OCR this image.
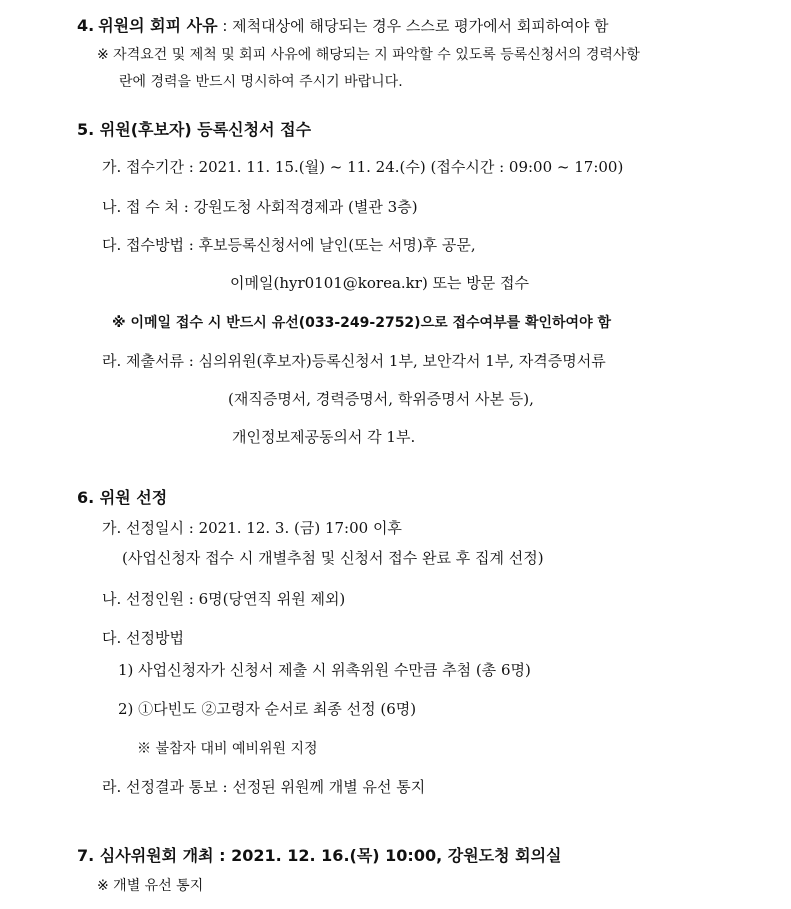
4. 위원의 회피 사유 : 제척대상에 해당되는 경우 스스로 평가에서 회피하여야 함
※ 자격요건 및 제척 및 회피 사유에 해당되는 지 파악할 수 있도록 등록신청서의 경력사항
란에 경력을 반드시 명시하여 주시기 바랍니다.
5. 위원(후보자) 등록신청서 접수
가. 접수기간 : 2021. 11. 15.(월) ~ 11. 24.(수) (접수시간 : 09:00 ~ 17:00)
나. 접 수 처 : 강원도청 사회적경제과 (별관 3층)
다. 접수방법 : 후보등록신청서에 날인(또는 서명)후 공문,
이메일(hyr0101@korea.kr) 또는 방문 접수
※ 이메일 접수 시 반드시 유선(033-249-2752)으로 접수여부를 확인하여야 함
라. 제출서류 : 심의위원(후보자)등록신청서 1부, 보안각서 1부, 자격증명서류
(재직증명서, 경력증명서, 학위증명서 사본 등),
개인정보제공동의서 각 1부.
6. 위원 선정
가. 선정일시 : 2021. 12. 3. (금) 17:00 이후
(사업신청자 접수 시 개별추첨 및 신청서 접수 완료 후 집계 선정)
나. 선정인원 : 6명(당연직 위원 제외)
다. 선정방법
1) 사업신청자가 신청서 제출 시 위촉위원 수만큼 추첨 (총 6명)
2) ①다빈도 ②고령자 순서로 최종 선정 (6명)
※ 불참자 대비 예비위원 지정
라. 선정결과 통보 : 선정된 위원께 개별 유선 통지
7. 심사위원회 개최 : 2021. 12. 16.(목) 10:00, 강원도청 회의실
※ 개별 유선 통지
